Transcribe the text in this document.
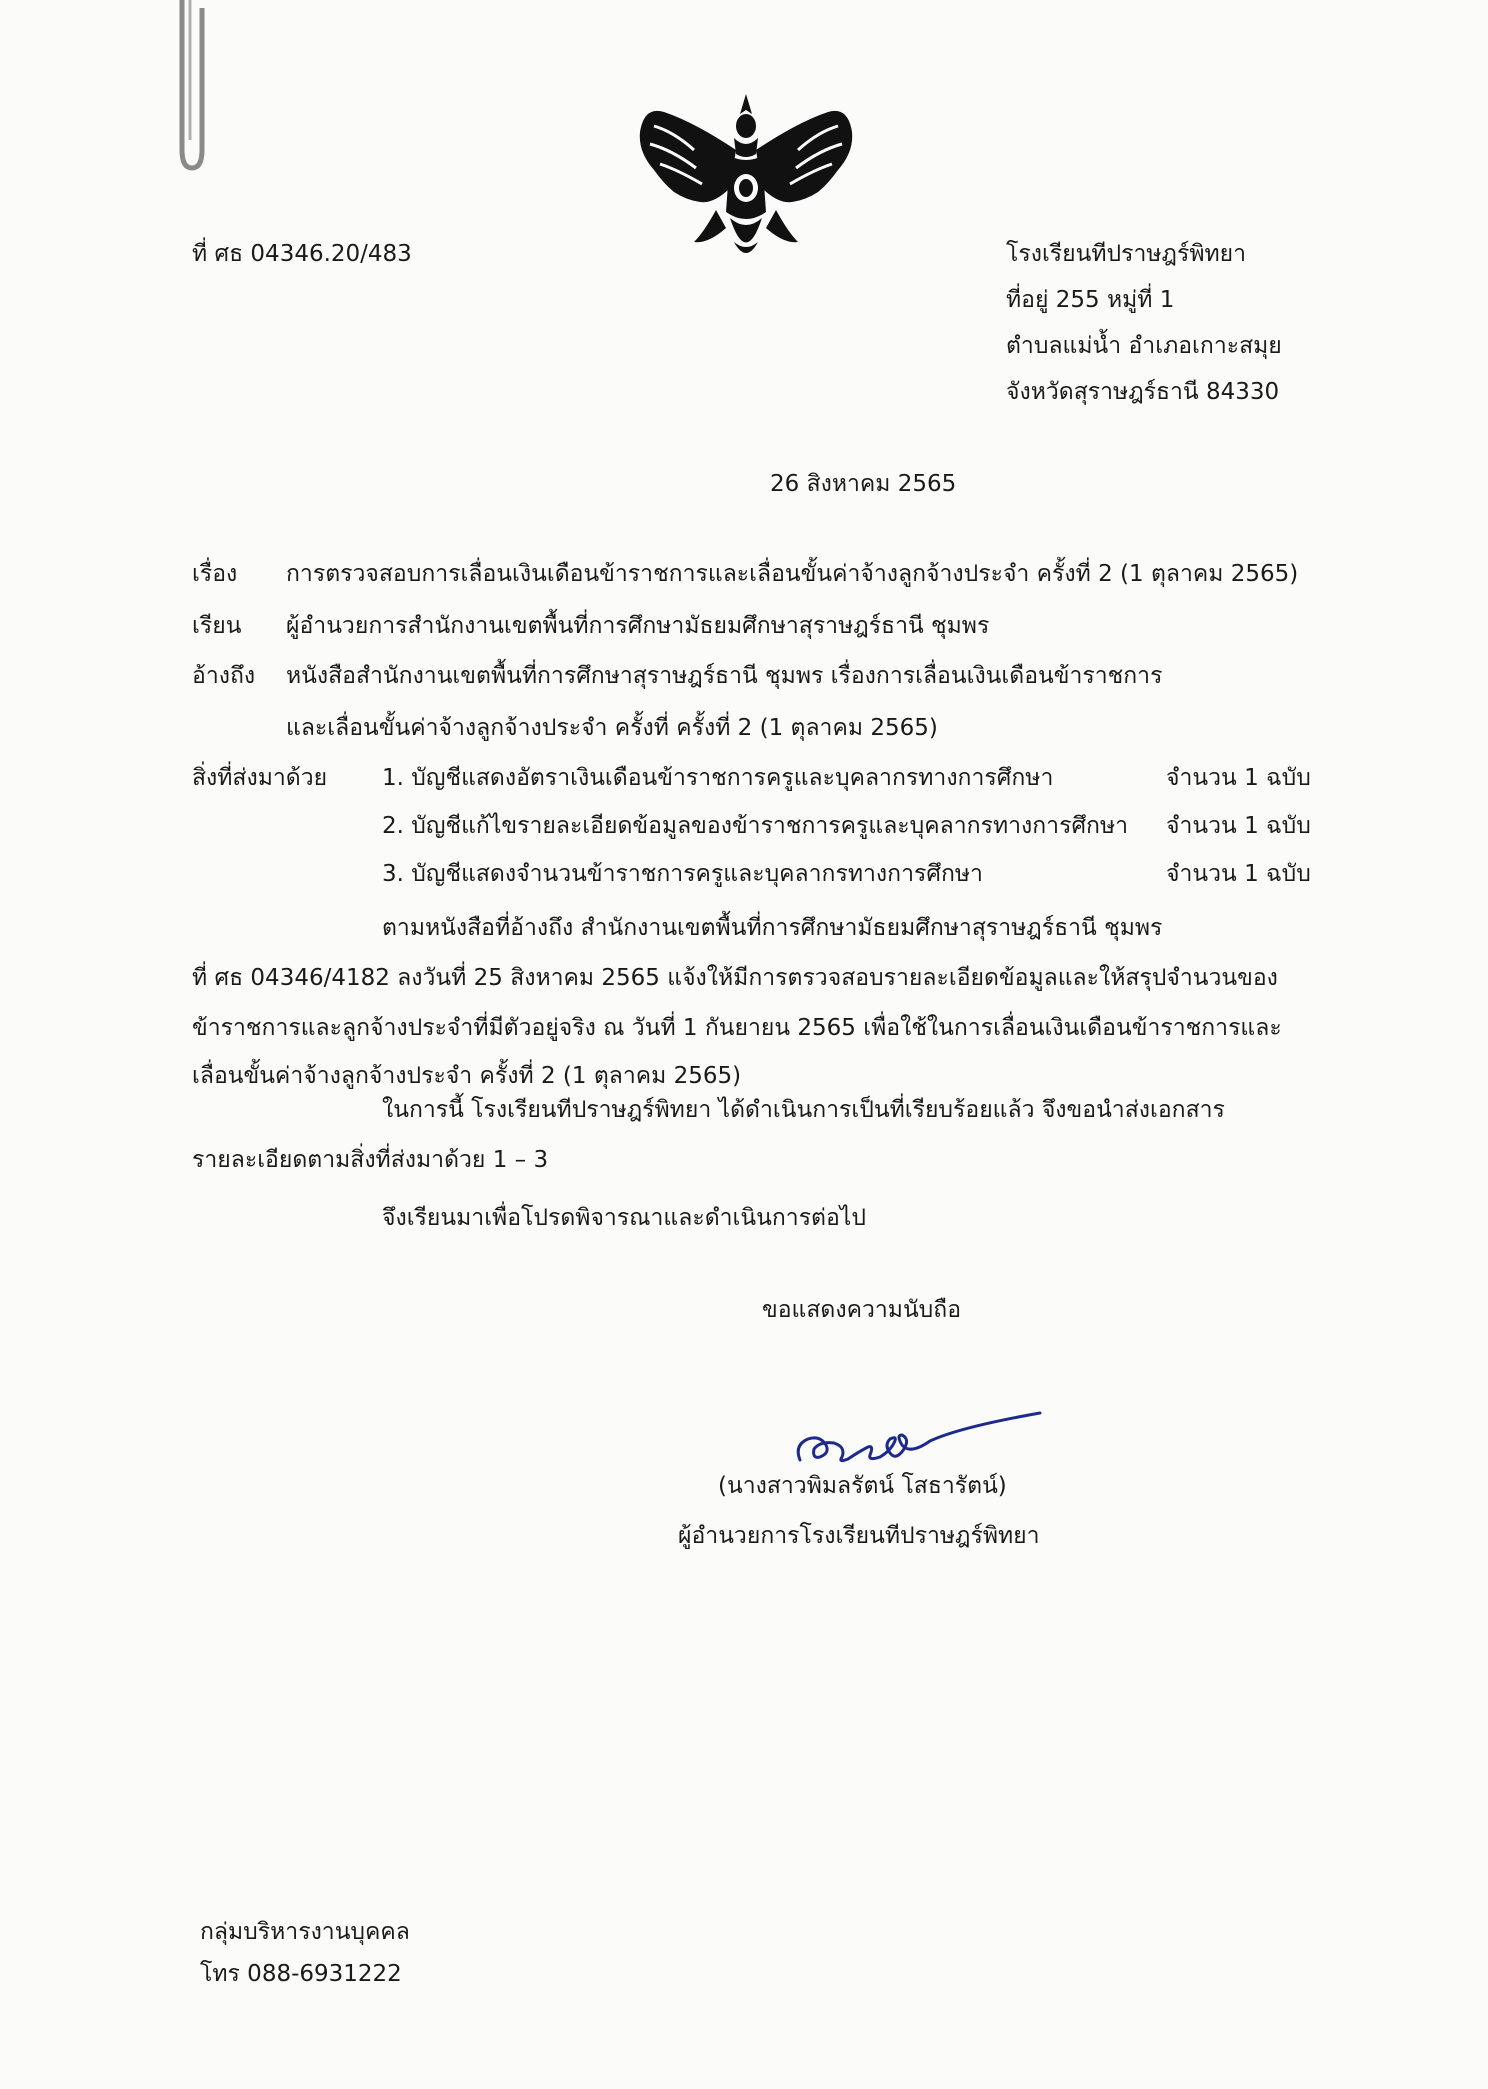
ที่ ศธ 04346.20/483	โรงเรียนทีปราษฎร์พิทยา
ที่อยู่ 255 หมู่ที่ 1
ตำบลแม่น้ำ อำเภอเกาะสมุย
จังหวัดสุราษฎร์ธานี 84330
26 สิงหาคม 2565
เรื่อง การตรวจสอบการเลื่อนเงินเดือนข้าราชการและเลื่อนขั้นค่าจ้างลูกจ้างประจำ ครั้งที่ 2 (1 ตุลาคม 2565)
เรียน ผู้อำนวยการสำนักงานเขตพื้นที่การศึกษามัธยมศึกษาสุราษฎร์ธานี ชุมพร
อ้างถึง หนังสือสำนักงานเขตพื้นที่การศึกษาสุราษฎร์ธานี ชุมพร เรื่องการเลื่อนเงินเดือนข้าราชการ
และเลื่อนขั้นค่าจ้างลูกจ้างประจำ ครั้งที่ ครั้งที่ 2 (1 ตุลาคม 2565)
สิ่งที่ส่งมาด้วย 1. บัญชีแสดงอัตราเงินเดือนข้าราชการครูและบุคลากรทางการศึกษา	จำนวน 1 ฉบับ
2. บัญชีแก้ไขรายละเอียดข้อมูลของข้าราชการครูและบุคลากรทางการศึกษา จำนวน 1 ฉบับ
3. บัญชีแสดงจำนวนข้าราชการครูและบุคลากรทางการศึกษา	จำนวน 1 ฉบับ
ตามหนังสือที่อ้างถึง สำนักงานเขตพื้นที่การศึกษามัธยมศึกษาสุราษฎร์ธานี ชุมพร
ที่ ศธ 04346/4182 ลงวันที่ 25 สิงหาคม 2565 แจ้งให้มีการตรวจสอบรายละเอียดข้อมูลและให้สรุปจำนวนของ
ข้าราชการและลูกจ้างประจำที่มีตัวอยู่จริง ณ วันที่ 1 กันยายน 2565 เพื่อใช้ในการเลื่อนเงินเดือนข้าราชการและ
เลื่อนขั้นค่าจ้างลูกจ้างประจำ ครั้งที่ 2 (1 ตุลาคม 2565)
ในการนี้ โรงเรียนทีปราษฎร์พิทยา ได้ดำเนินการเป็นที่เรียบร้อยแล้ว จึงขอนำส่งเอกสาร
รายละเอียดตามสิ่งที่ส่งมาด้วย 1 – 3
จึงเรียนมาเพื่อโปรดพิจารณาและดำเนินการต่อไป
ขอแสดงความนับถือ
(นางสาวพิมลรัตน์ โสธารัตน์)
ผู้อำนวยการโรงเรียนทีปราษฎร์พิทยา
กลุ่มบริหารงานบุคคล
โทร 088-6931222
